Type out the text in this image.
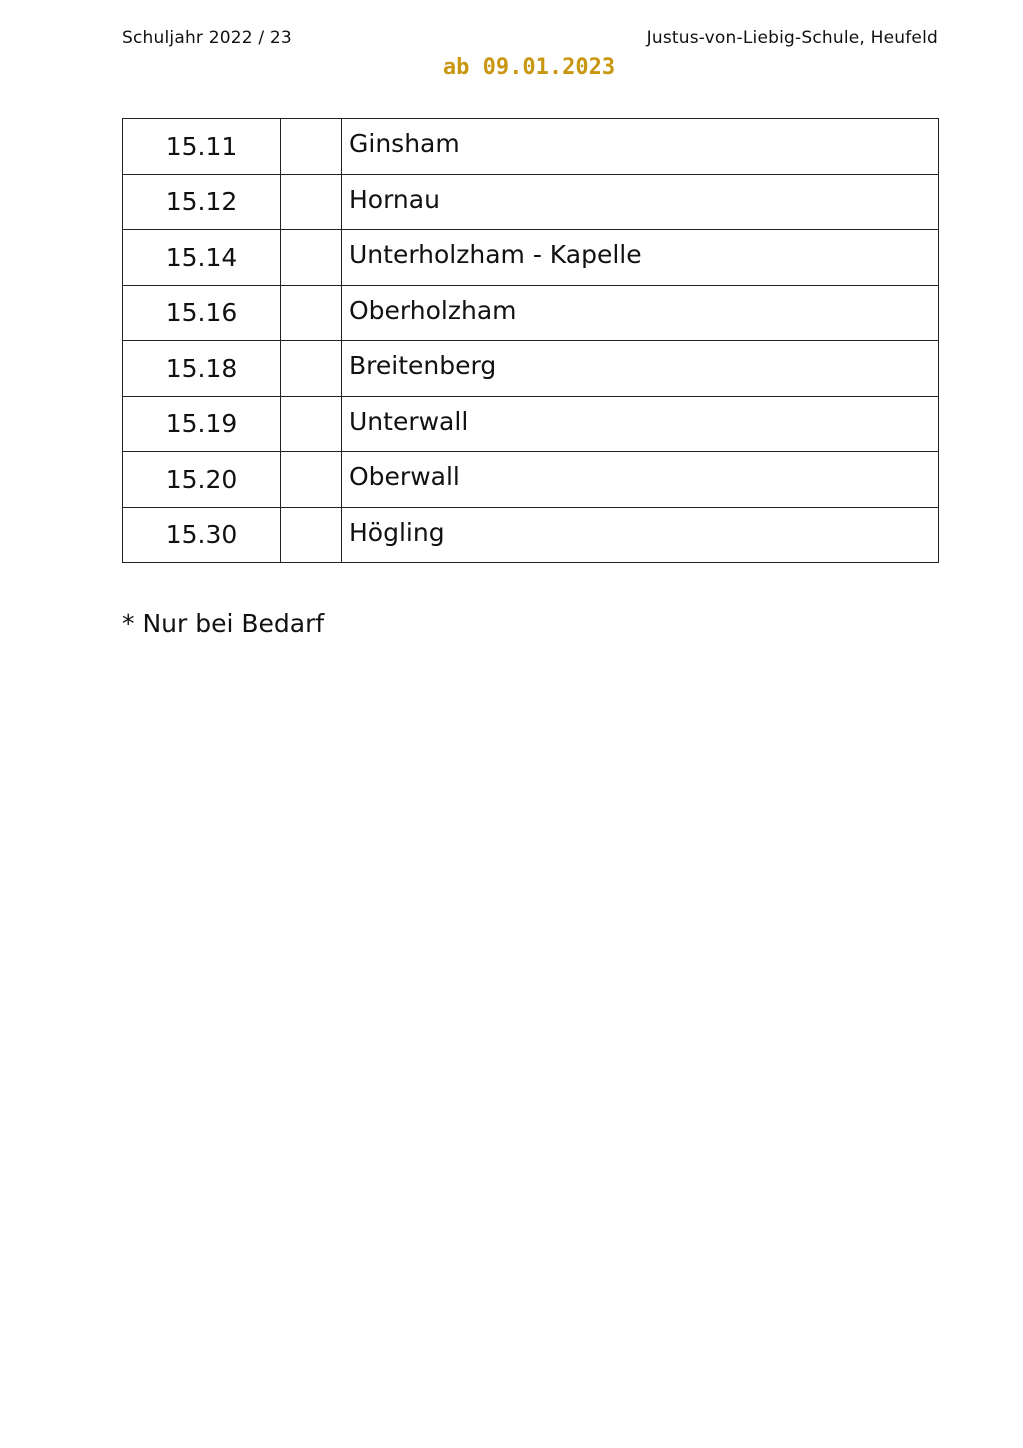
Schuljahr 2022 / 23	Justus-von-Liebig-Schule, Heufeld
ab 09.01.2023
15.11		Ginsham
15.12		Hornau
15.14		Unterholzham - Kapelle
15.16		Oberholzham
15.18		Breitenberg
15.19		Unterwall
15.20		Oberwall
15.30		Högling
* Nur bei Bedarf
